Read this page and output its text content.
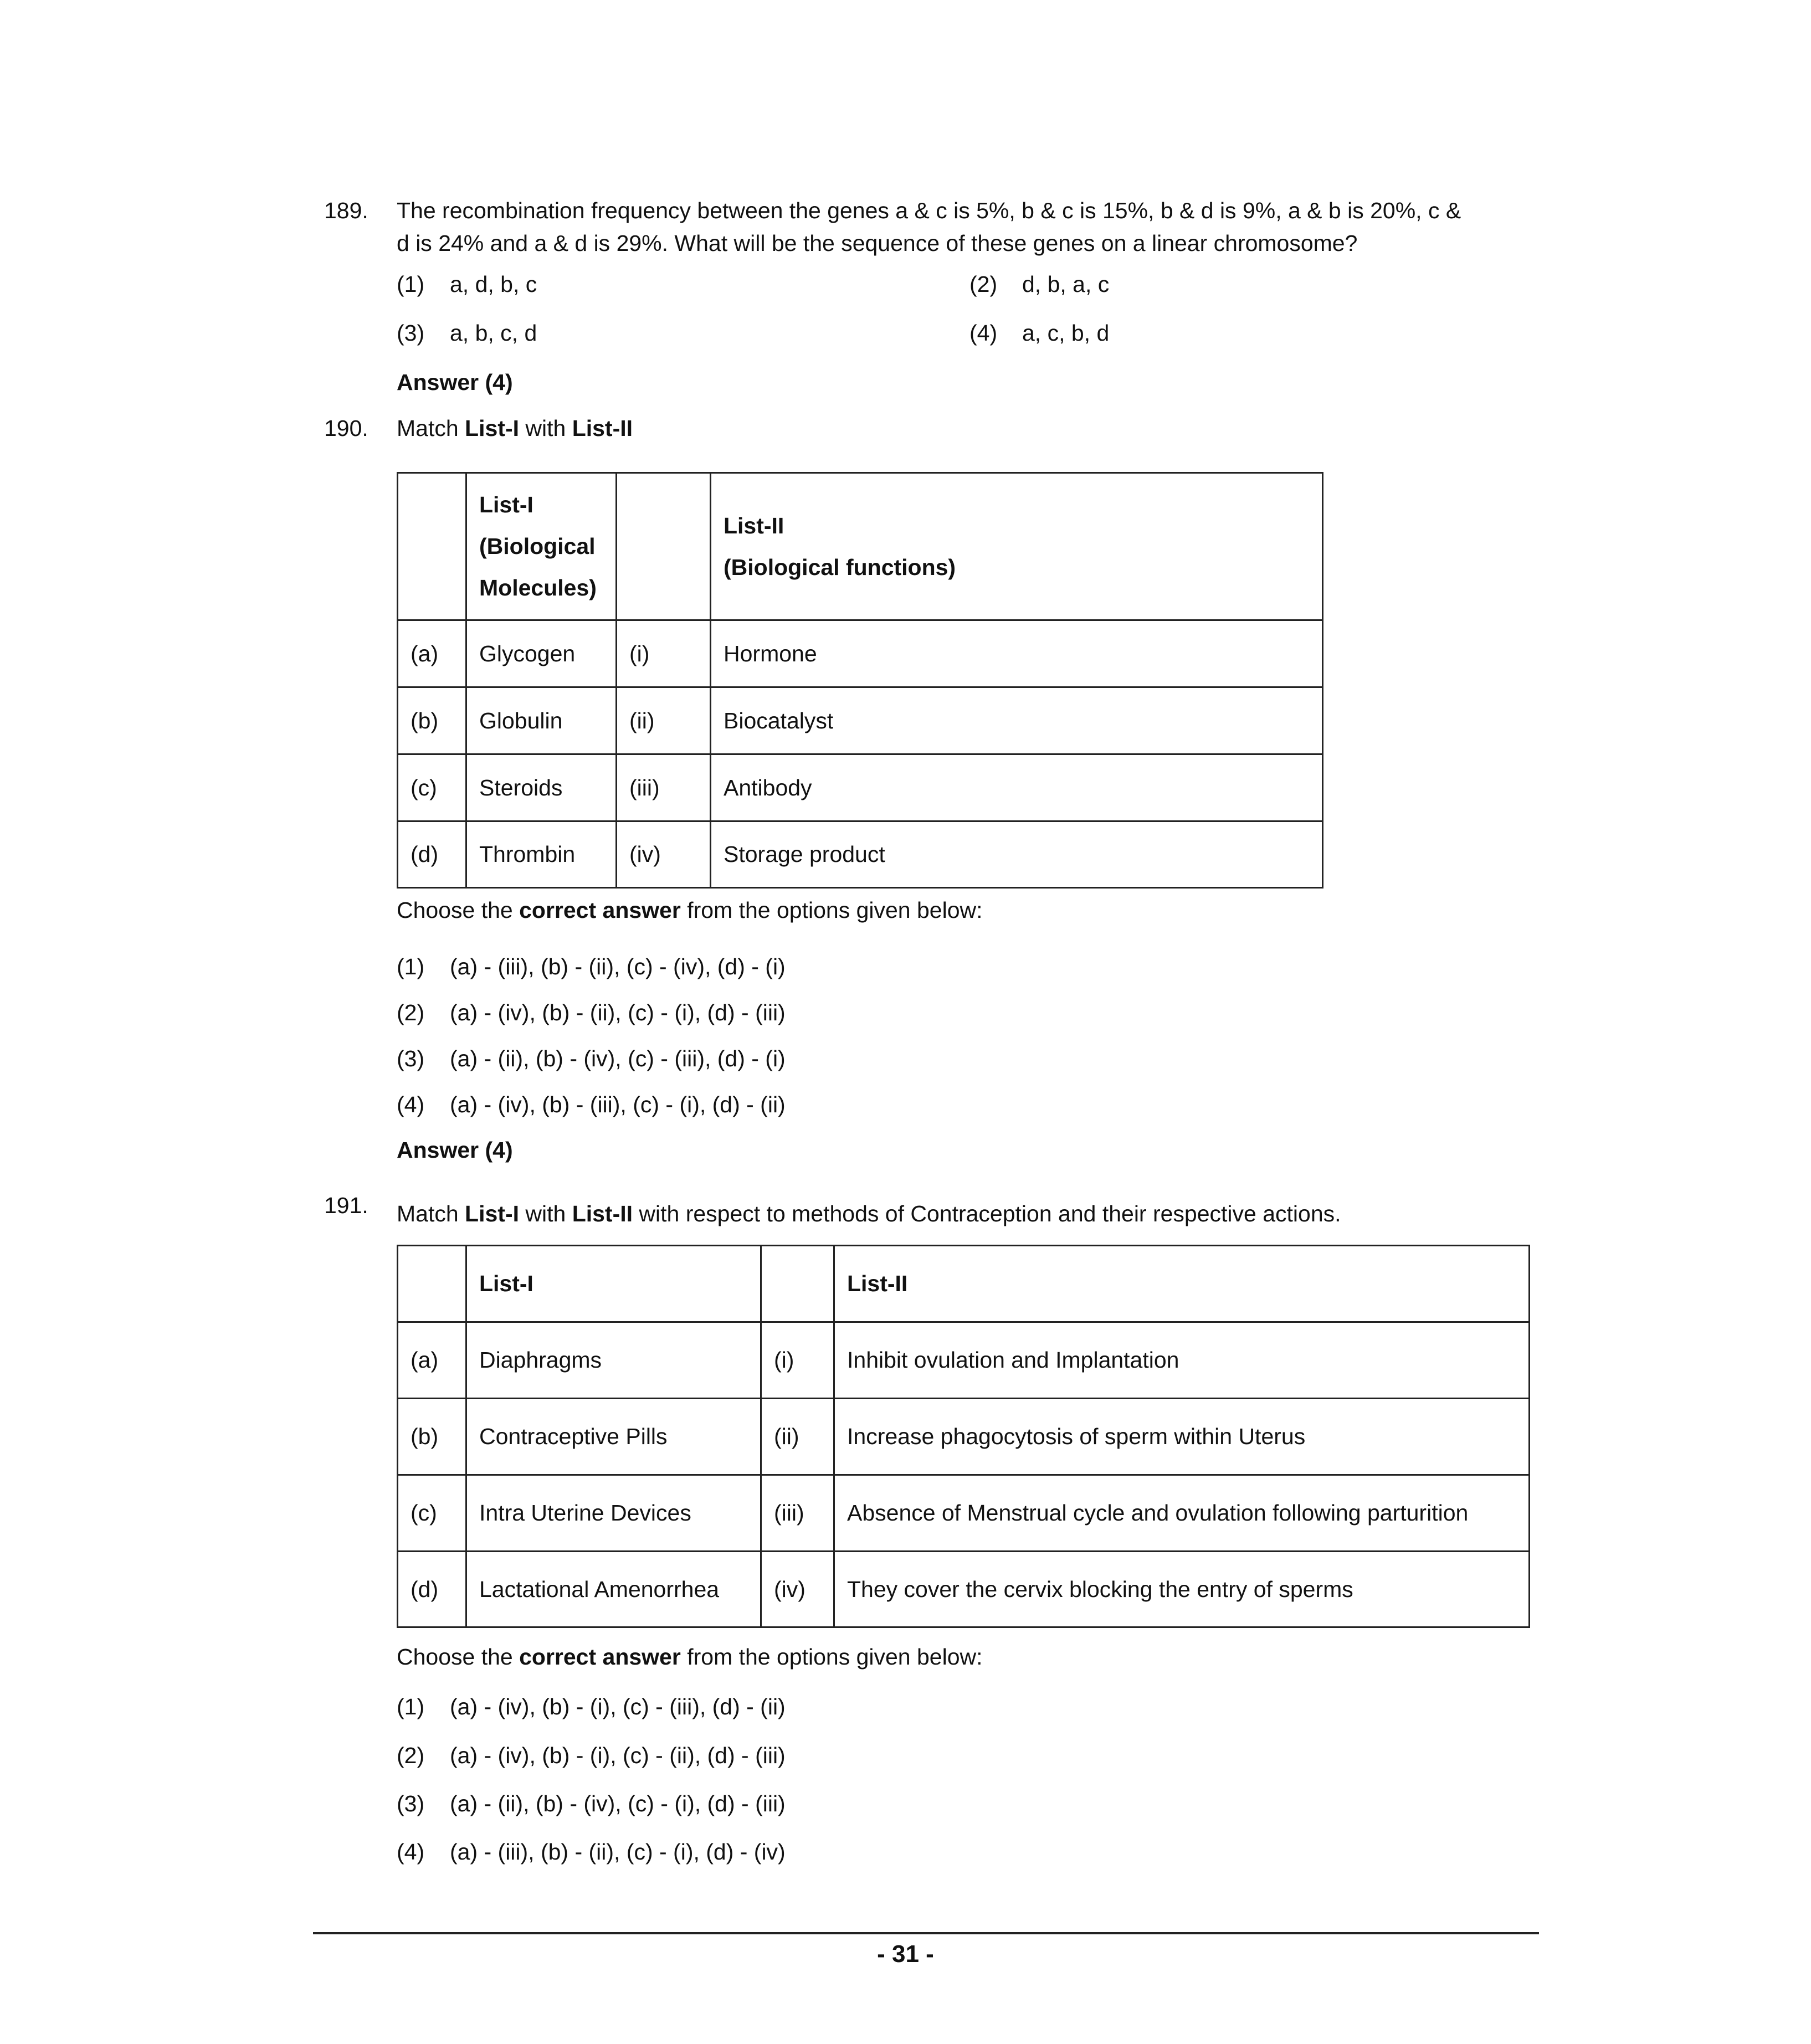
189. The recombination frequency between the genes a & c is 5%, b & c is 15%, b & d is 9%, a & b is 20%, c &
d is 24% and a & d is 29%. What will be the sequence of these genes on a linear chromosome?
(1) a, d, b, c	(2) d, b, a, c
(3) a, b, c, d	(4) a, c, b, d
Answer (4)
190. Match List-I with List-II
	List-I
(Biological
Molecules)		List-II
(Biological functions)
(a)	Glycogen	(i)	Hormone
(b)	Globulin	(ii)	Biocatalyst
(c)	Steroids	(iii)	Antibody
(d)	Thrombin	(iv)	Storage product
Choose the correct answer from the options given below:
(1) (a) - (iii), (b) - (ii), (c) - (iv), (d) - (i)
(2) (a) - (iv), (b) - (ii), (c) - (i), (d) - (iii)
(3) (a) - (ii), (b) - (iv), (c) - (iii), (d) - (i)
(4) (a) - (iv), (b) - (iii), (c) - (i), (d) - (ii)
Answer (4)
191. Match List-I with List-II with respect to methods of Contraception and their respective actions.
	List-I		List-II
(a)	Diaphragms	(i)	Inhibit ovulation and Implantation
(b)	Contraceptive Pills	(ii)	Increase phagocytosis of sperm within Uterus
(c)	Intra Uterine Devices	(iii)	Absence of Menstrual cycle and ovulation following parturition
(d)	Lactational Amenorrhea	(iv)	They cover the cervix blocking the entry of sperms
Choose the correct answer from the options given below:
(1) (a) - (iv), (b) - (i), (c) - (iii), (d) - (ii)
(2) (a) - (iv), (b) - (i), (c) - (ii), (d) - (iii)
(3) (a) - (ii), (b) - (iv), (c) - (i), (d) - (iii)
(4) (a) - (iii), (b) - (ii), (c) - (i), (d) - (iv)
- 31 -
